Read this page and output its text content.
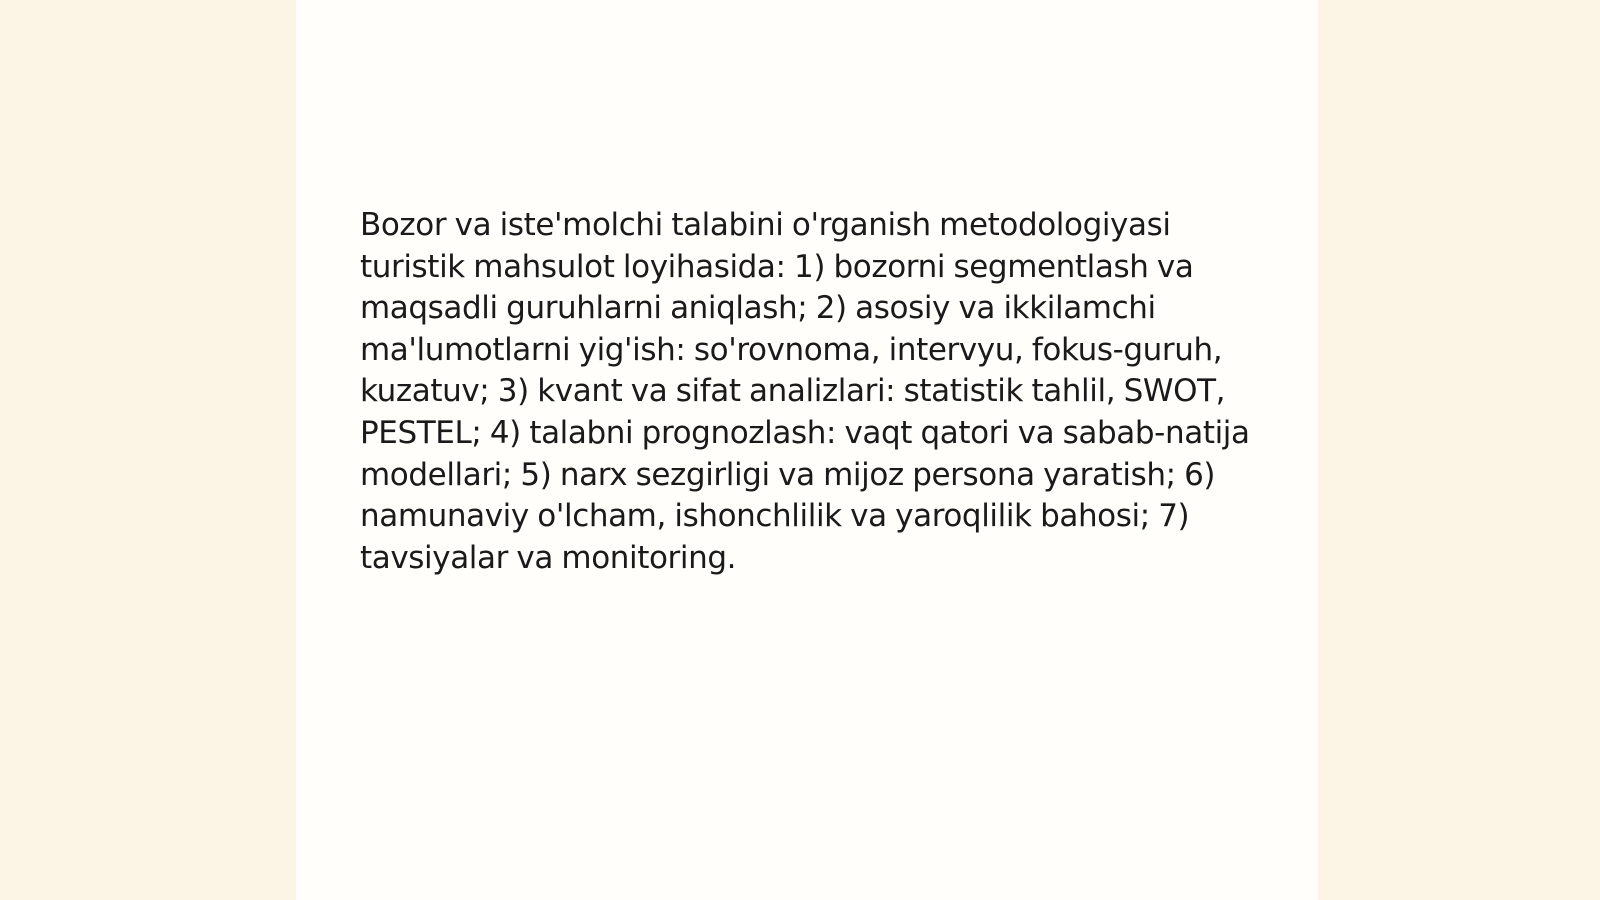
Bozor va iste'molchi talabini o'rganish metodologiyasi turistik mahsulot loyihasida: 1) bozorni segmentlash va maqsadli guruhlarni aniqlash; 2) asosiy va ikkilamchi ma'lumotlarni yig'ish: so'rovnoma, intervyu, fokus-guruh, kuzatuv; 3) kvant va sifat analizlari: statistik tahlil, SWOT, PESTEL; 4) talabni prognozlash: vaqt qatori va sabab-natija modellari; 5) narx sezgirligi va mijoz persona yaratish; 6) namunaviy o'lcham, ishonchlilik va yaroqlilik bahosi; 7) tavsiyalar va monitoring.
